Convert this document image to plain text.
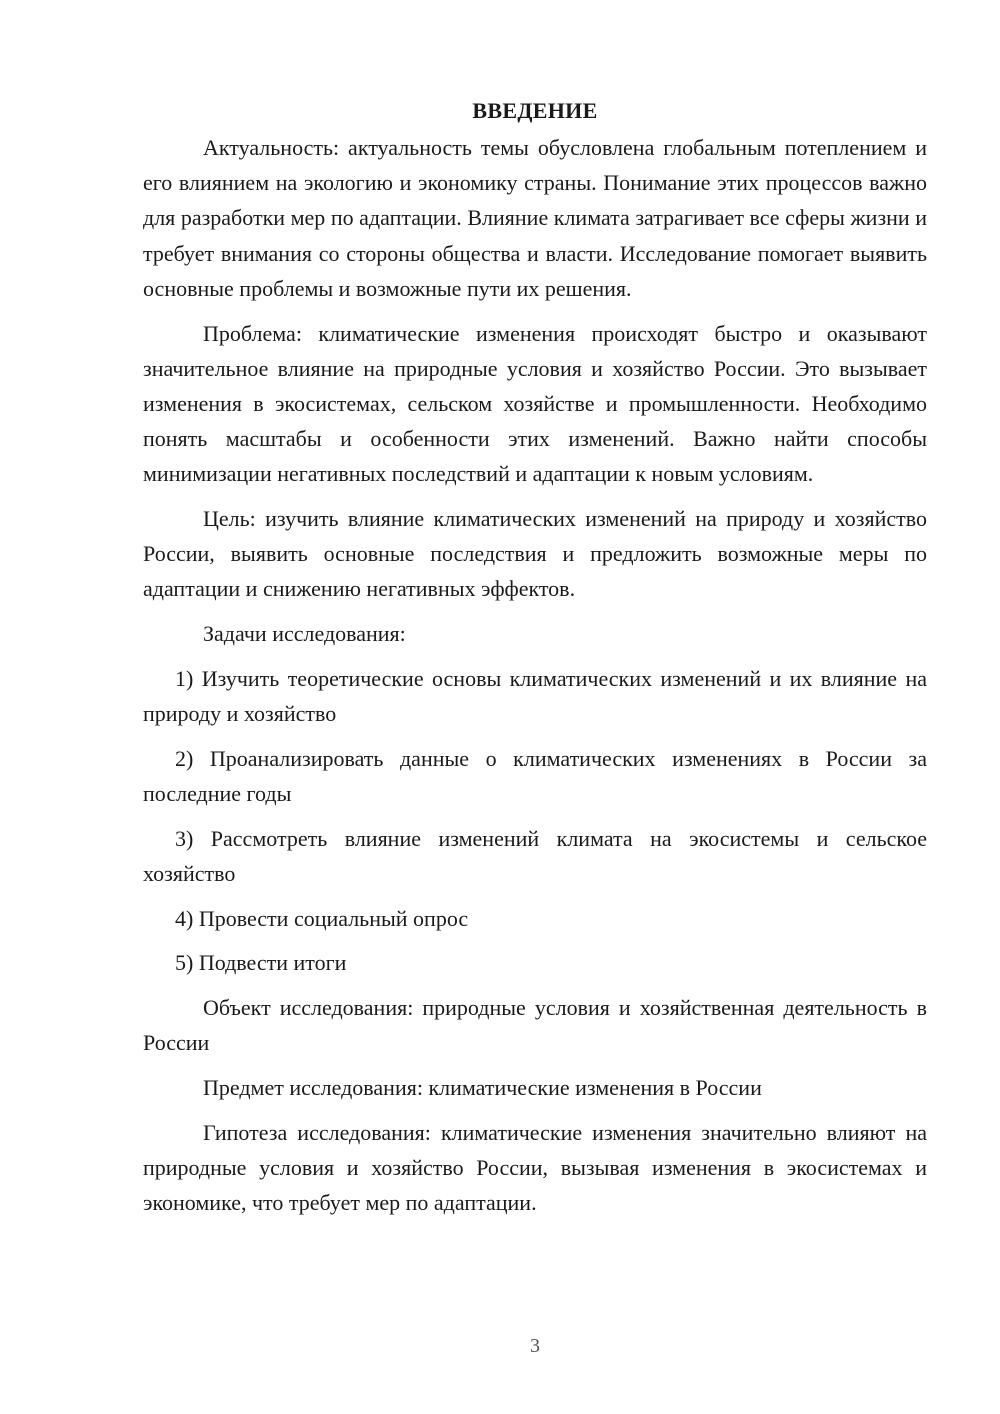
ВВЕДЕНИЕ

Актуальность: актуальность темы обусловлена глобальным потеплением и его влиянием на экологию и экономику страны. Понимание этих процессов важно для разработки мер по адаптации. Влияние климата затрагивает все сферы жизни и требует внимания со стороны общества и власти. Исследование помогает выявить основные проблемы и возможные пути их решения.

Проблема: климатические изменения происходят быстро и оказывают значительное влияние на природные условия и хозяйство России. Это вызывает изменения в экосистемах, сельском хозяйстве и промышленности. Необходимо понять масштабы и особенности этих изменений. Важно найти способы минимизации негативных последствий и адаптации к новым условиям.

Цель: изучить влияние климатических изменений на природу и хозяйство России, выявить основные последствия и предложить возможные меры по адаптации и снижению негативных эффектов.

Задачи исследования:

1) Изучить теоретические основы климатических изменений и их влияние на природу и хозяйство

2) Проанализировать данные о климатических изменениях в России за последние годы

3) Рассмотреть влияние изменений климата на экосистемы и сельское хозяйство

4) Провести социальный опрос

5) Подвести итоги

Объект исследования: природные условия и хозяйственная деятельность в России

Предмет исследования: климатические изменения в России

Гипотеза исследования: климатические изменения значительно влияют на природные условия и хозяйство России, вызывая изменения в экосистемах и экономике, что требует мер по адаптации.

3
